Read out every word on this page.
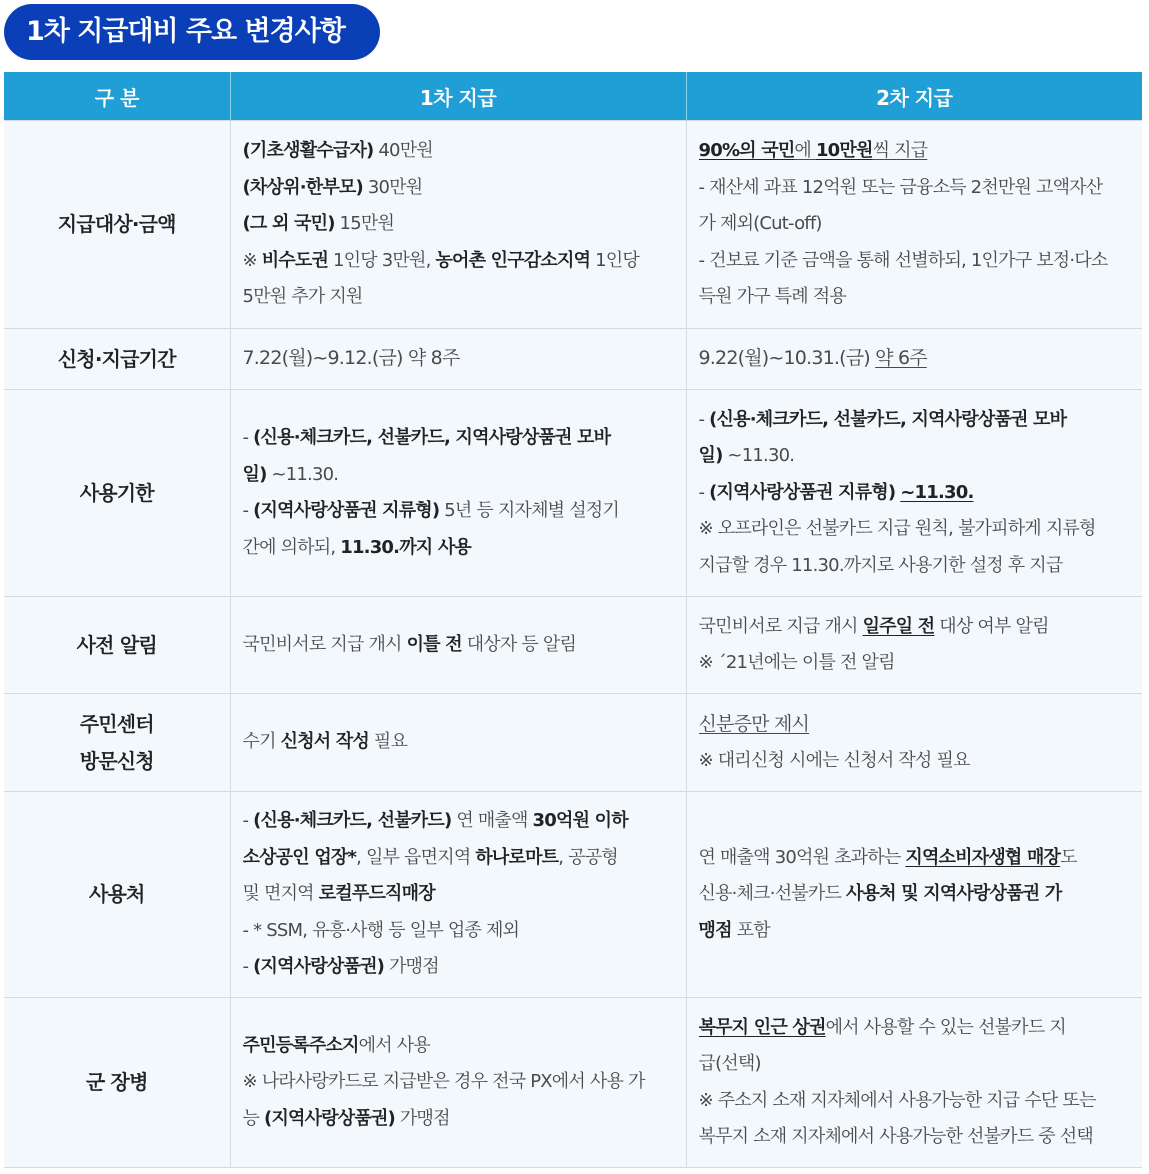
1차 지급대비 주요 변경사항
구 분	1차 지급	2차 지급

지급대상·금액	(기초생활수급자) 40만원
(차상위·한부모) 30만원
(그 외 국민) 15만원
※ 비수도권 1인당 3만원, 농어촌 인구감소지역 1인당
5만원 추가 지원	90%의 국민에 10만원씩 지급
- 재산세 과표 12억원 또는 금융소득 2천만원 고액자산
가 제외(Cut-off)
- 건보료 기준 금액을 통해 선별하되, 1인가구 보정·다소
득원 가구 특례 적용

신청·지급기간	7.22(월)~9.12.(금) 약 8주	9.22(월)~10.31.(금) 약 6주

사용기한	- (신용·체크카드, 선불카드, 지역사랑상품권 모바
일) ~11.30.
- (지역사랑상품권 지류형) 5년 등 지자체별 설정기
간에 의하되, 11.30.까지 사용	- (신용·체크카드, 선불카드, 지역사랑상품권 모바
일) ~11.30.
- (지역사랑상품권 지류형) ~11.30.
※ 오프라인은 선불카드 지급 원칙, 불가피하게 지류형
지급할 경우 11.30.까지로 사용기한 설정 후 지급

사전 알림	국민비서로 지급 개시 이틀 전 대상자 등 알림	국민비서로 지급 개시 일주일 전 대상 여부 알림
※ ´21년에는 이틀 전 알림

주민센터
방문신청	수기 신청서 작성 필요	신분증만 제시
※ 대리신청 시에는 신청서 작성 필요

사용처	- (신용·체크카드, 선불카드) 연 매출액 30억원 이하
소상공인 업장*, 일부 읍면지역 하나로마트, 공공형
및 면지역 로컬푸드직매장
- * SSM, 유흥·사행 등 일부 업종 제외
- (지역사랑상품권) 가맹점	연 매출액 30억원 초과하는 지역소비자생협 매장도
신용·체크·선불카드 사용처 및 지역사랑상품권 가
맹점 포함

군 장병	주민등록주소지에서 사용
※ 나라사랑카드로 지급받은 경우 전국 PX에서 사용 가
능 (지역사랑상품권) 가맹점	복무지 인근 상권에서 사용할 수 있는 선불카드 지
급(선택)
※ 주소지 소재 지자체에서 사용가능한 지급 수단 또는
복무지 소재 지자체에서 사용가능한 선불카드 중 선택
